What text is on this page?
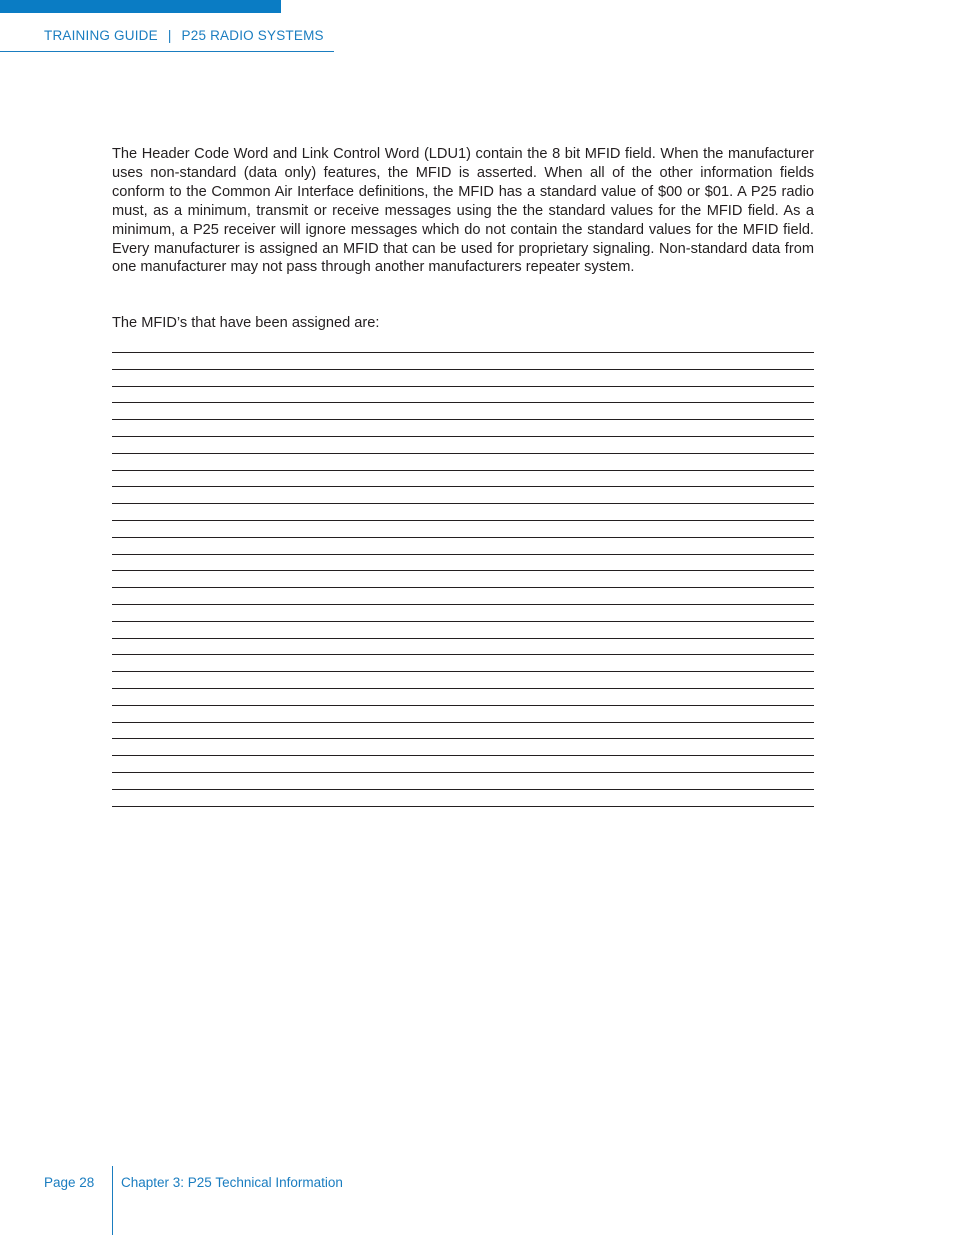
TRAINING GUIDE | P25 RADIO SYSTEMS

The Header Code Word and Link Control Word (LDU1) contain the 8 bit MFID field. When the manufacturer uses non-standard (data only) features, the MFID is asserted. When all of the other information fields conform to the Common Air Interface definitions, the MFID has a standard value of $00 or $01. A P25 radio must, as a minimum, transmit or receive messages using the the standard values for the MFID field. As a minimum, a P25 receiver will ignore messages which do not contain the standard values for the MFID field. Every manufacturer is assigned an MFID that can be used for proprietary signaling. Non-standard data from one manufacturer may not pass through another manufacturers repeater system.

The MFID’s that have been assigned are:

Page 28 Chapter 3: P25 Technical Information
